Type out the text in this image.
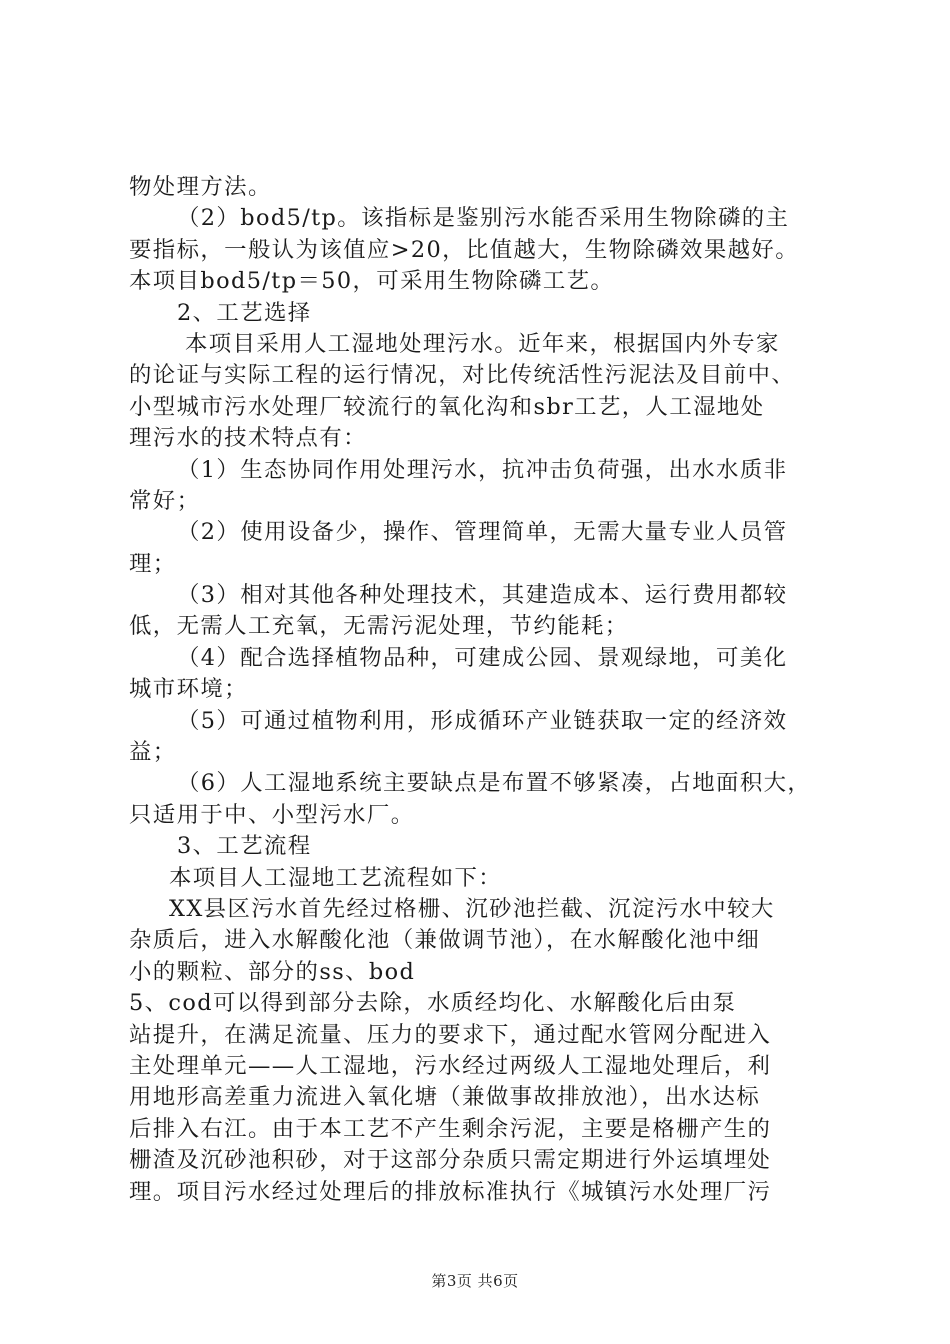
物处理方法。
（2）bod5/tp。该指标是鉴别污水能否采用生物除磷的主
要指标，一般认为该值应>20，比值越大，生物除磷效果越好。
本项目bod5/tp＝50，可采用生物除磷工艺。
2、工艺选择
本项目采用人工湿地处理污水。近年来，根据国内外专家
的论证与实际工程的运行情况，对比传统活性污泥法及目前中、
小型城市污水处理厂较流行的氧化沟和sbr工艺，人工湿地处
理污水的技术特点有：
（1）生态协同作用处理污水，抗冲击负荷强，出水水质非
常好；
（2）使用设备少，操作、管理简单，无需大量专业人员管
理；
（3）相对其他各种处理技术，其建造成本、运行费用都较
低，无需人工充氧，无需污泥处理，节约能耗；
（4）配合选择植物品种，可建成公园、景观绿地，可美化
城市环境；
（5）可通过植物利用，形成循环产业链获取一定的经济效
益；
（6）人工湿地系统主要缺点是布置不够紧凑，占地面积大，
只适用于中、小型污水厂。
3、工艺流程
本项目人工湿地工艺流程如下：
XX县区污水首先经过格栅、沉砂池拦截、沉淀污水中较大
杂质后，进入水解酸化池（兼做调节池），在水解酸化池中细
小的颗粒、部分的ss、bod
5、cod可以得到部分去除，水质经均化、水解酸化后由泵
站提升，在满足流量、压力的要求下，通过配水管网分配进入
主处理单元——人工湿地，污水经过两级人工湿地处理后，利
用地形高差重力流进入氧化塘（兼做事故排放池），出水达标
后排入右江。由于本工艺不产生剩余污泥，主要是格栅产生的
栅渣及沉砂池积砂，对于这部分杂质只需定期进行外运填埋处
理。项目污水经过处理后的排放标准执行《城镇污水处理厂污
第3页 共6页
